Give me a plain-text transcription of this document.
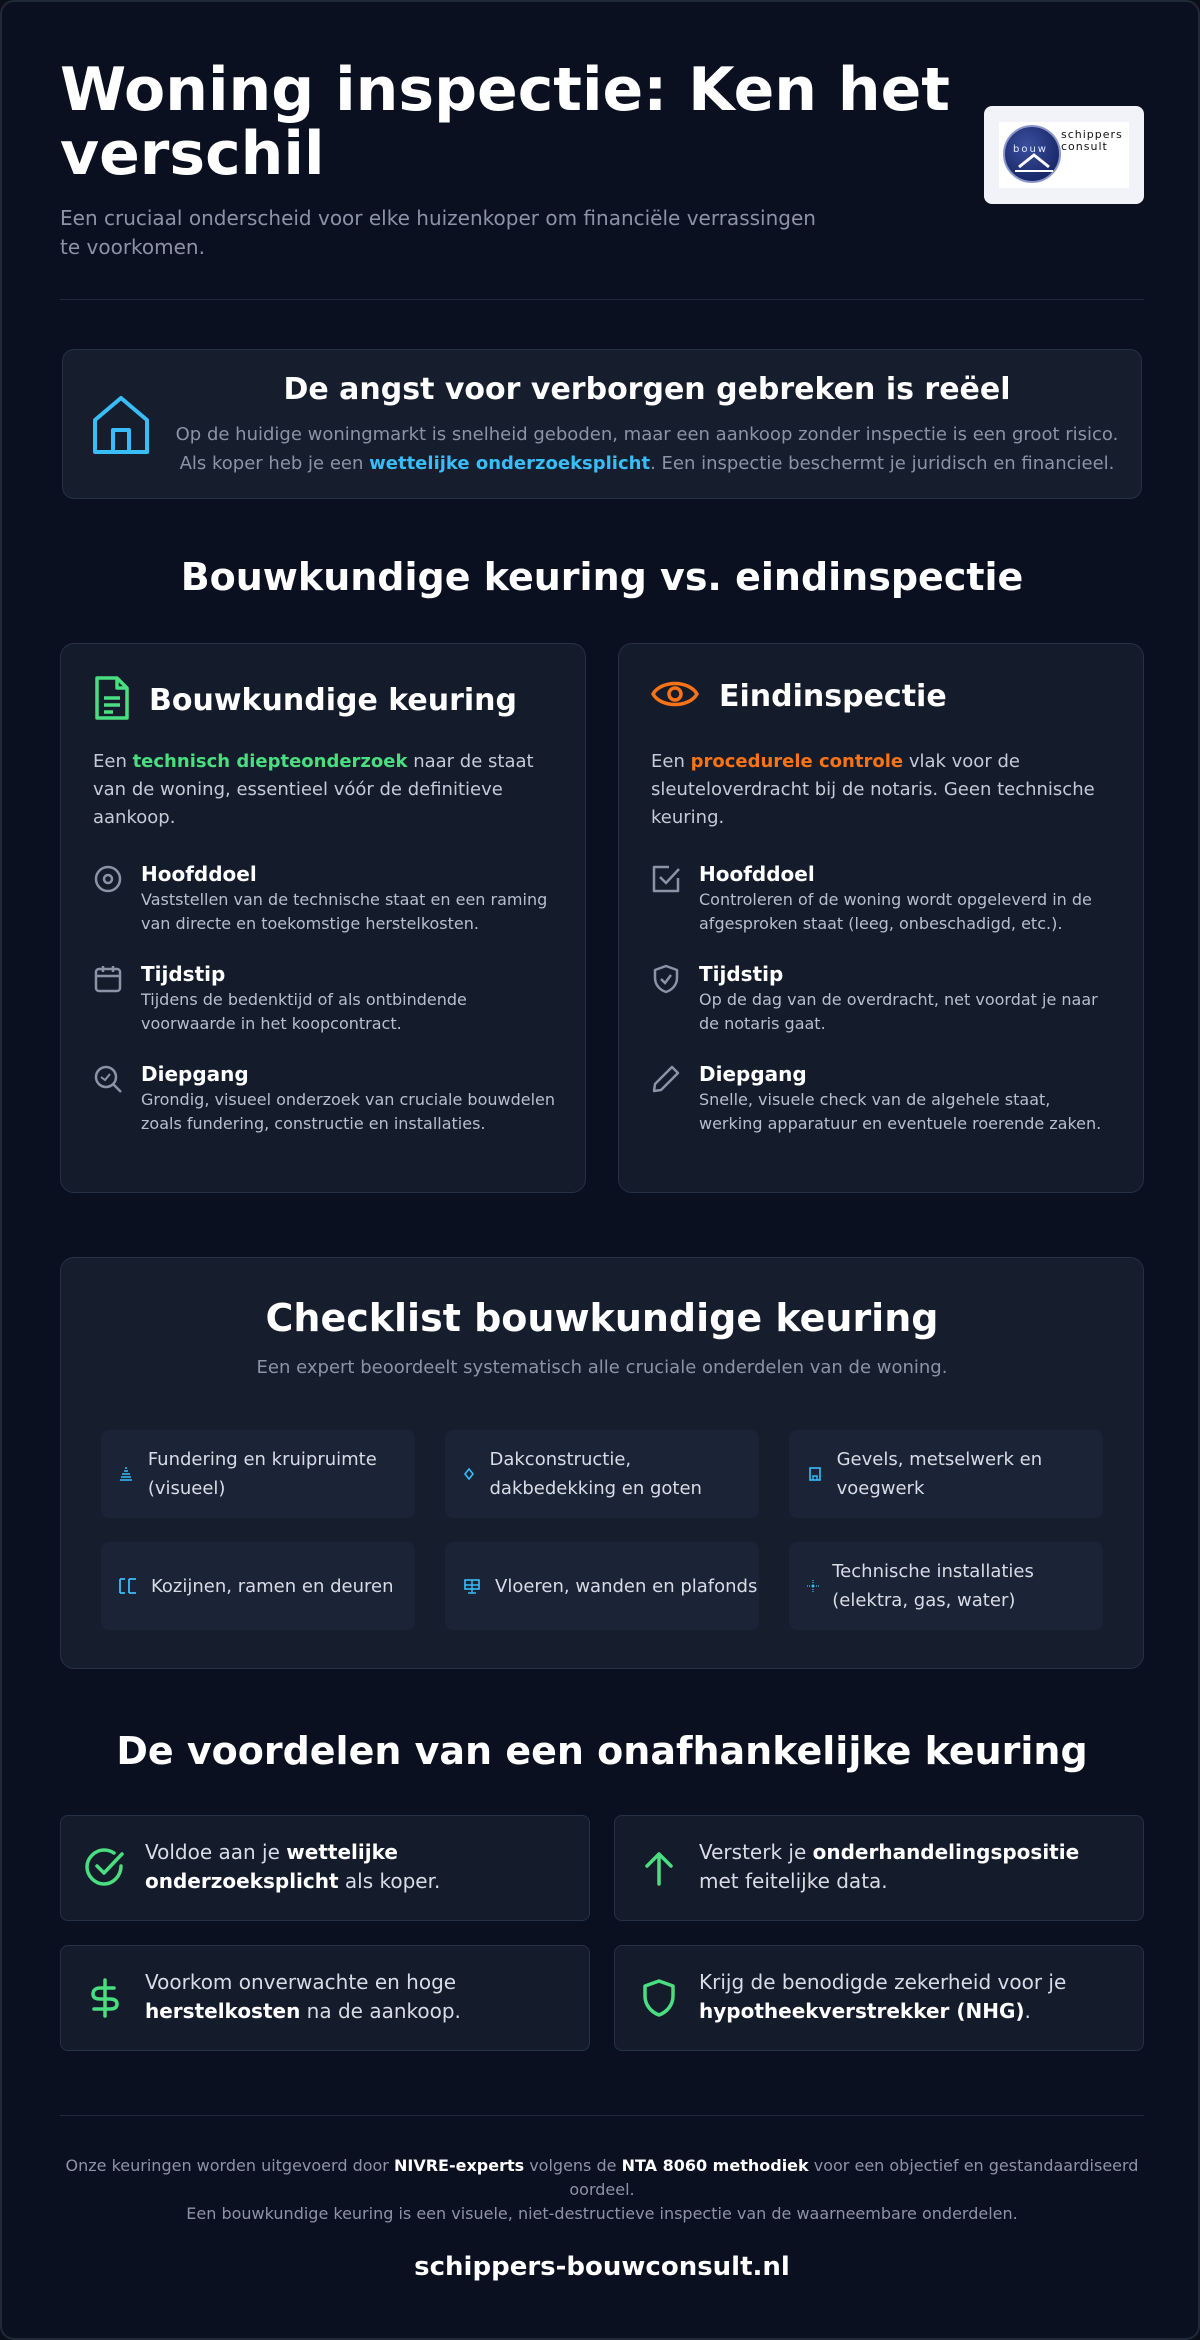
Woning inspectie: Ken het verschil
Een cruciaal onderscheid voor elke huizenkoper om financiële verrassingen te voorkomen.
bouw
schippers
consult
De angst voor verborgen gebreken is reëel

Op de huidige woningmarkt is snelheid geboden, maar een aankoop zonder inspectie is een groot risico. Als koper heb je een wettelijke onderzoeksplicht. Een inspectie beschermt je juridisch en financieel.

Bouwkundige keuring vs. eindinspectie
Bouwkundige keuring
Een technisch diepteonderzoek naar de staat van de woning, essentieel vóór de definitieve aankoop.
Hoofddoel

Vaststellen van de technische staat en een raming van directe en toekomstige herstelkosten.

Tijdstip

Tijdens de bedenktijd of als ontbindende voorwaarde in het koopcontract.

Diepgang

Grondig, visueel onderzoek van cruciale bouwdelen zoals fundering, constructie en installaties.

Eindinspectie
Een procedurele controle vlak voor de sleuteloverdracht bij de notaris. Geen technische keuring.
Hoofddoel

Controleren of de woning wordt opgeleverd in de afgesproken staat (leeg, onbeschadigd, etc.).

Tijdstip

Op de dag van de overdracht, net voordat je naar de notaris gaat.

Diepgang

Snelle, visuele check van de algehele staat, werking apparatuur en eventuele roerende zaken.

Checklist bouwkundige keuring
Een expert beoordeelt systematisch alle cruciale onderdelen van de woning.
Fundering en kruipruimte (visueel)
Dakconstructie, dakbedekking en goten
Gevels, metselwerk en voegwerk
Kozijnen, ramen en deuren	Vloeren, wanden en plafonds
Technische installaties (elektra, gas, water)
De voordelen van een onafhankelijke keuring

Voldoe aan je wettelijke onderzoeksplicht als koper.

Versterk je onderhandelingspositie met feitelijke data.

Voorkom onverwachte en hoge herstelkosten na de aankoop.

Krijg de benodigde zekerheid voor je hypotheekverstrekker (NHG).

Onze keuringen worden uitgevoerd door NIVRE-experts volgens de NTA 8060 methodiek voor een objectief en gestandaardiseerd oordeel.
Een bouwkundige keuring is een visuele, niet-destructieve inspectie van de waarneembare onderdelen.
schippers-bouwconsult.nl
